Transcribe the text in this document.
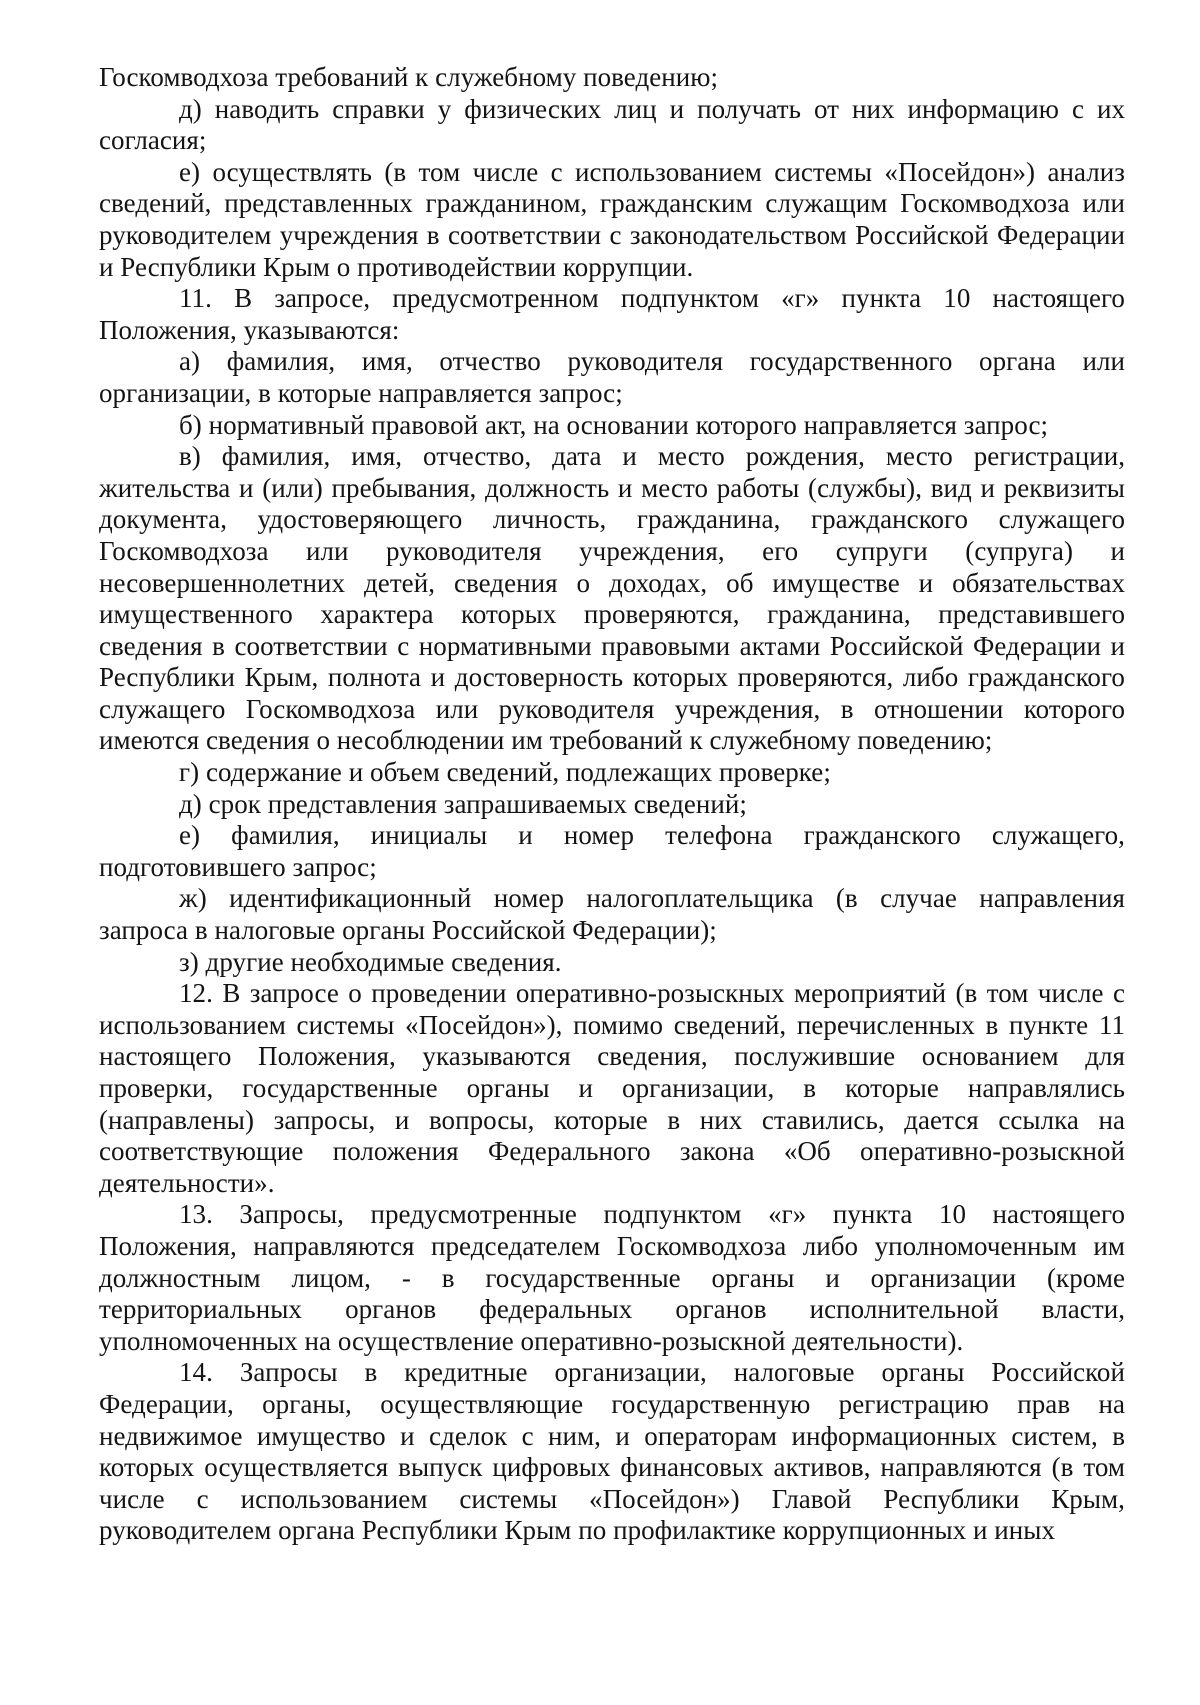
Госкомводхоза требований к служебному поведению;

д) наводить справки у физических лиц и получать от них информацию с их согласия;

е) осуществлять (в том числе с использованием системы «Посейдон») анализ сведений, представленных гражданином, гражданским служащим Госкомводхоза или руководителем учреждения в соответствии с законодательством Российской Федерации и Республики Крым о противодействии коррупции.

11. В запросе, предусмотренном подпунктом «г» пункта 10 настоящего Положения, указываются:

а) фамилия, имя, отчество руководителя государственного органа или организации, в которые направляется запрос;

б) нормативный правовой акт, на основании которого направляется запрос;

в) фамилия, имя, отчество, дата и место рождения, место регистрации, жительства и (или) пребывания, должность и место работы (службы), вид и реквизиты документа, удостоверяющего личность, гражданина, гражданского служащего Госкомводхоза или руководителя учреждения, его супруги (супруга) и несовершеннолетних детей, сведения о доходах, об имуществе и обязательствах имущественного характера которых проверяются, гражданина, представившего сведения в соответствии с нормативными правовыми актами Российской Федерации и Республики Крым, полнота и достоверность которых проверяются, либо гражданского служащего Госкомводхоза или руководителя учреждения, в отношении которого имеются сведения о несоблюдении им требований к служебному поведению;

г) содержание и объем сведений, подлежащих проверке;

д) срок представления запрашиваемых сведений;

е) фамилия, инициалы и номер телефона гражданского служащего, подготовившего запрос;

ж) идентификационный номер налогоплательщика (в случае направления запроса в налоговые органы Российской Федерации);

з) другие необходимые сведения.

12. В запросе о проведении оперативно-розыскных мероприятий (в том числе с использованием системы «Посейдон»), помимо сведений, перечисленных в пункте 11 настоящего Положения, указываются сведения, послужившие основанием для проверки, государственные органы и организации, в которые направлялись (направлены) запросы, и вопросы, которые в них ставились, дается ссылка на соответствующие положения Федерального закона «Об оперативно-розыскной деятельности».

13. Запросы, предусмотренные подпунктом «г» пункта 10 настоящего Положения, направляются председателем Госкомводхоза либо уполномоченным им должностным лицом, - в государственные органы и организации (кроме территориальных органов федеральных органов исполнительной власти, уполномоченных на осуществление оперативно-розыскной деятельности).

14. Запросы в кредитные организации, налоговые органы Российской Федерации, органы, осуществляющие государственную регистрацию прав на недвижимое имущество и сделок с ним, и операторам информационных систем, в которых осуществляется выпуск цифровых финансовых активов, направляются (в том числе с использованием системы «Посейдон») Главой Республики Крым, руководителем органа Республики Крым по профилактике коррупционных и иных
